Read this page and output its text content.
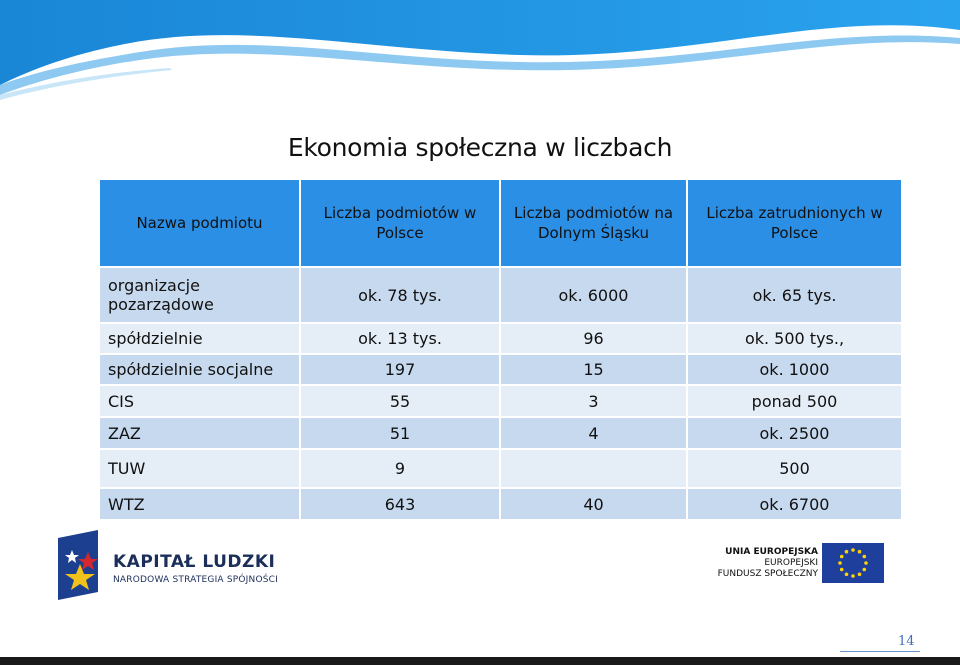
Ekonomia społeczna w liczbach
Nazwa podmiotu	Liczba podmiotów w Polsce	Liczba podmiotów na Dolnym Śląsku	Liczba zatrudnionych w Polsce
organizacje pozarządowe	ok. 78 tys.	ok. 6000	ok. 65 tys.
spółdzielnie	ok. 13 tys.	96	ok. 500 tys.,
spółdzielnie socjalne	197	15	ok. 1000
CIS	55	3	ponad 500
ZAZ	51	4	ok. 2500
TUW	9		500
WTZ	643	40	ok. 6700
KAPITAŁ LUDZKI
NARODOWA STRATEGIA SPÓJNOŚCI
UNIA EUROPEJSKA
EUROPEJSKI
FUNDUSZ SPOŁECZNY
14
